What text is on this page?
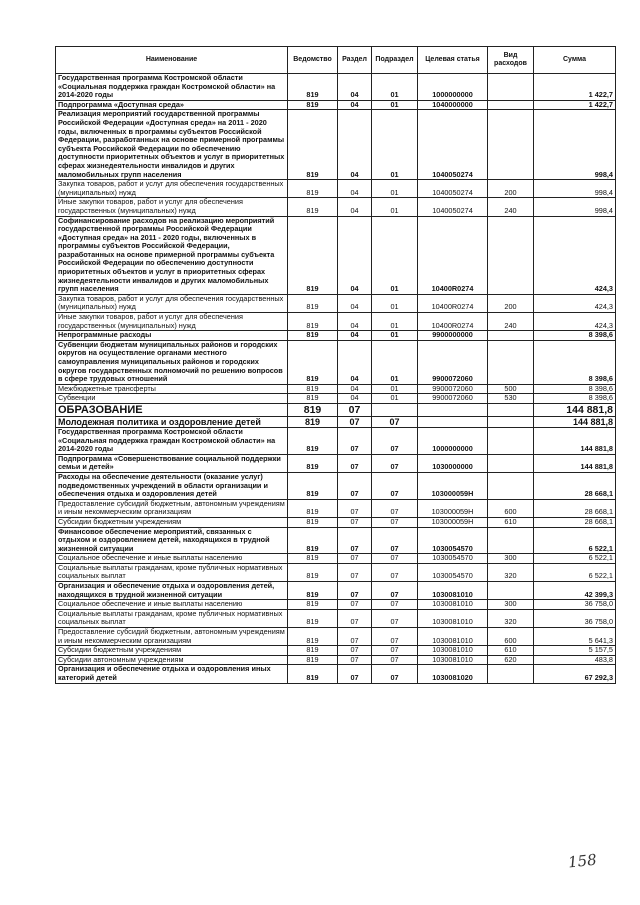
Наименование	Ведомство	Раздел	Подраздел	Целевая статья	Вид расходов	Сумма
Государственная программа Костромской области «Социальная поддержка граждан Костромской области» на 2014-2020 годы	819	04	01	1000000000		1 422,7
Подпрограмма «Доступная среда»	819	04	01	1040000000		1 422,7
Реализация мероприятий государственной программы Российской Федерации «Доступная среда» на 2011 - 2020 годы, включенных в программы субъектов Российской Федерации, разработанных на основе примерной программы субъекта Российской Федерации по обеспечению доступности приоритетных объектов и услуг в приоритетных сферах жизнедеятельности инвалидов и других маломобильных групп населения	819	04	01	1040050274		998,4
Закупка товаров, работ и услуг для обеспечения государственных (муниципальных) нужд	819	04	01	1040050274	200	998,4
Иные закупки товаров, работ и услуг для обеспечения государственных (муниципальных) нужд	819	04	01	1040050274	240	998,4
Софинансирование расходов на реализацию мероприятий государственной программы Российской Федерации «Доступная среда» на 2011 - 2020 годы, включенных в программы субъектов Российской Федерации, разработанных на основе примерной программы субъекта Российской Федерации по обеспечению доступности приоритетных объектов и услуг в приоритетных сферах жизнедеятельности инвалидов и других маломобильных групп населения	819	04	01	10400R0274		424,3
Закупка товаров, работ и услуг для обеспечения государственных (муниципальных) нужд	819	04	01	10400R0274	200	424,3
Иные закупки товаров, работ и услуг для обеспечения государственных (муниципальных) нужд	819	04	01	10400R0274	240	424,3
Непрограммные расходы	819	04	01	9900000000		8 398,6
Субвенции бюджетам муниципальных районов и городских округов на осуществление органами местного самоуправления муниципальных районов и городских округов государственных полномочий по решению вопросов в сфере трудовых отношений	819	04	01	9900072060		8 398,6
Межбюджетные трансферты	819	04	01	9900072060	500	8 398,6
Субвенции	819	04	01	9900072060	530	8 398,6
ОБРАЗОВАНИЕ	819	07				144 881,8
Молодежная политика и оздоровление детей	819	07	07			144 881,8
Государственная программа Костромской области «Социальная поддержка граждан Костромской области» на 2014-2020 годы	819	07	07	1000000000		144 881,8
Подпрограмма «Совершенствование социальной поддержки семьи и детей»	819	07	07	1030000000		144 881,8
Расходы на обеспечение деятельности (оказание услуг) подведомственных учреждений в области организации и обеспечения отдыха и оздоровления детей	819	07	07	103000059Н		28 668,1
Предоставление субсидий бюджетным, автономным учреждениям и иным некоммерческим организациям	819	07	07	103000059Н	600	28 668,1
Субсидии бюджетным учреждениям	819	07	07	103000059Н	610	28 668,1
Финансовое обеспечение мероприятий, связанных с отдыхом и оздоровлением детей, находящихся в трудной жизненной ситуации	819	07	07	1030054570		6 522,1
Социальное обеспечение и иные выплаты населению	819	07	07	1030054570	300	6 522,1
Социальные выплаты гражданам, кроме публичных нормативных социальных выплат	819	07	07	1030054570	320	6 522,1
Организация и обеспечение отдыха и оздоровления детей, находящихся в трудной жизненной ситуации	819	07	07	1030081010		42 399,3
Социальное обеспечение и иные выплаты населению	819	07	07	1030081010	300	36 758,0
Социальные выплаты гражданам, кроме публичных нормативных социальных выплат	819	07	07	1030081010	320	36 758,0
Предоставление субсидий бюджетным, автономным учреждениям и иным некоммерческим организациям	819	07	07	1030081010	600	5 641,3
Субсидии бюджетным учреждениям	819	07	07	1030081010	610	5 157,5
Субсидии автономным учреждениям	819	07	07	1030081010	620	483,8
Организация и обеспечение отдыха и оздоровления иных категорий детей	819	07	07	1030081020		67 292,3
158
